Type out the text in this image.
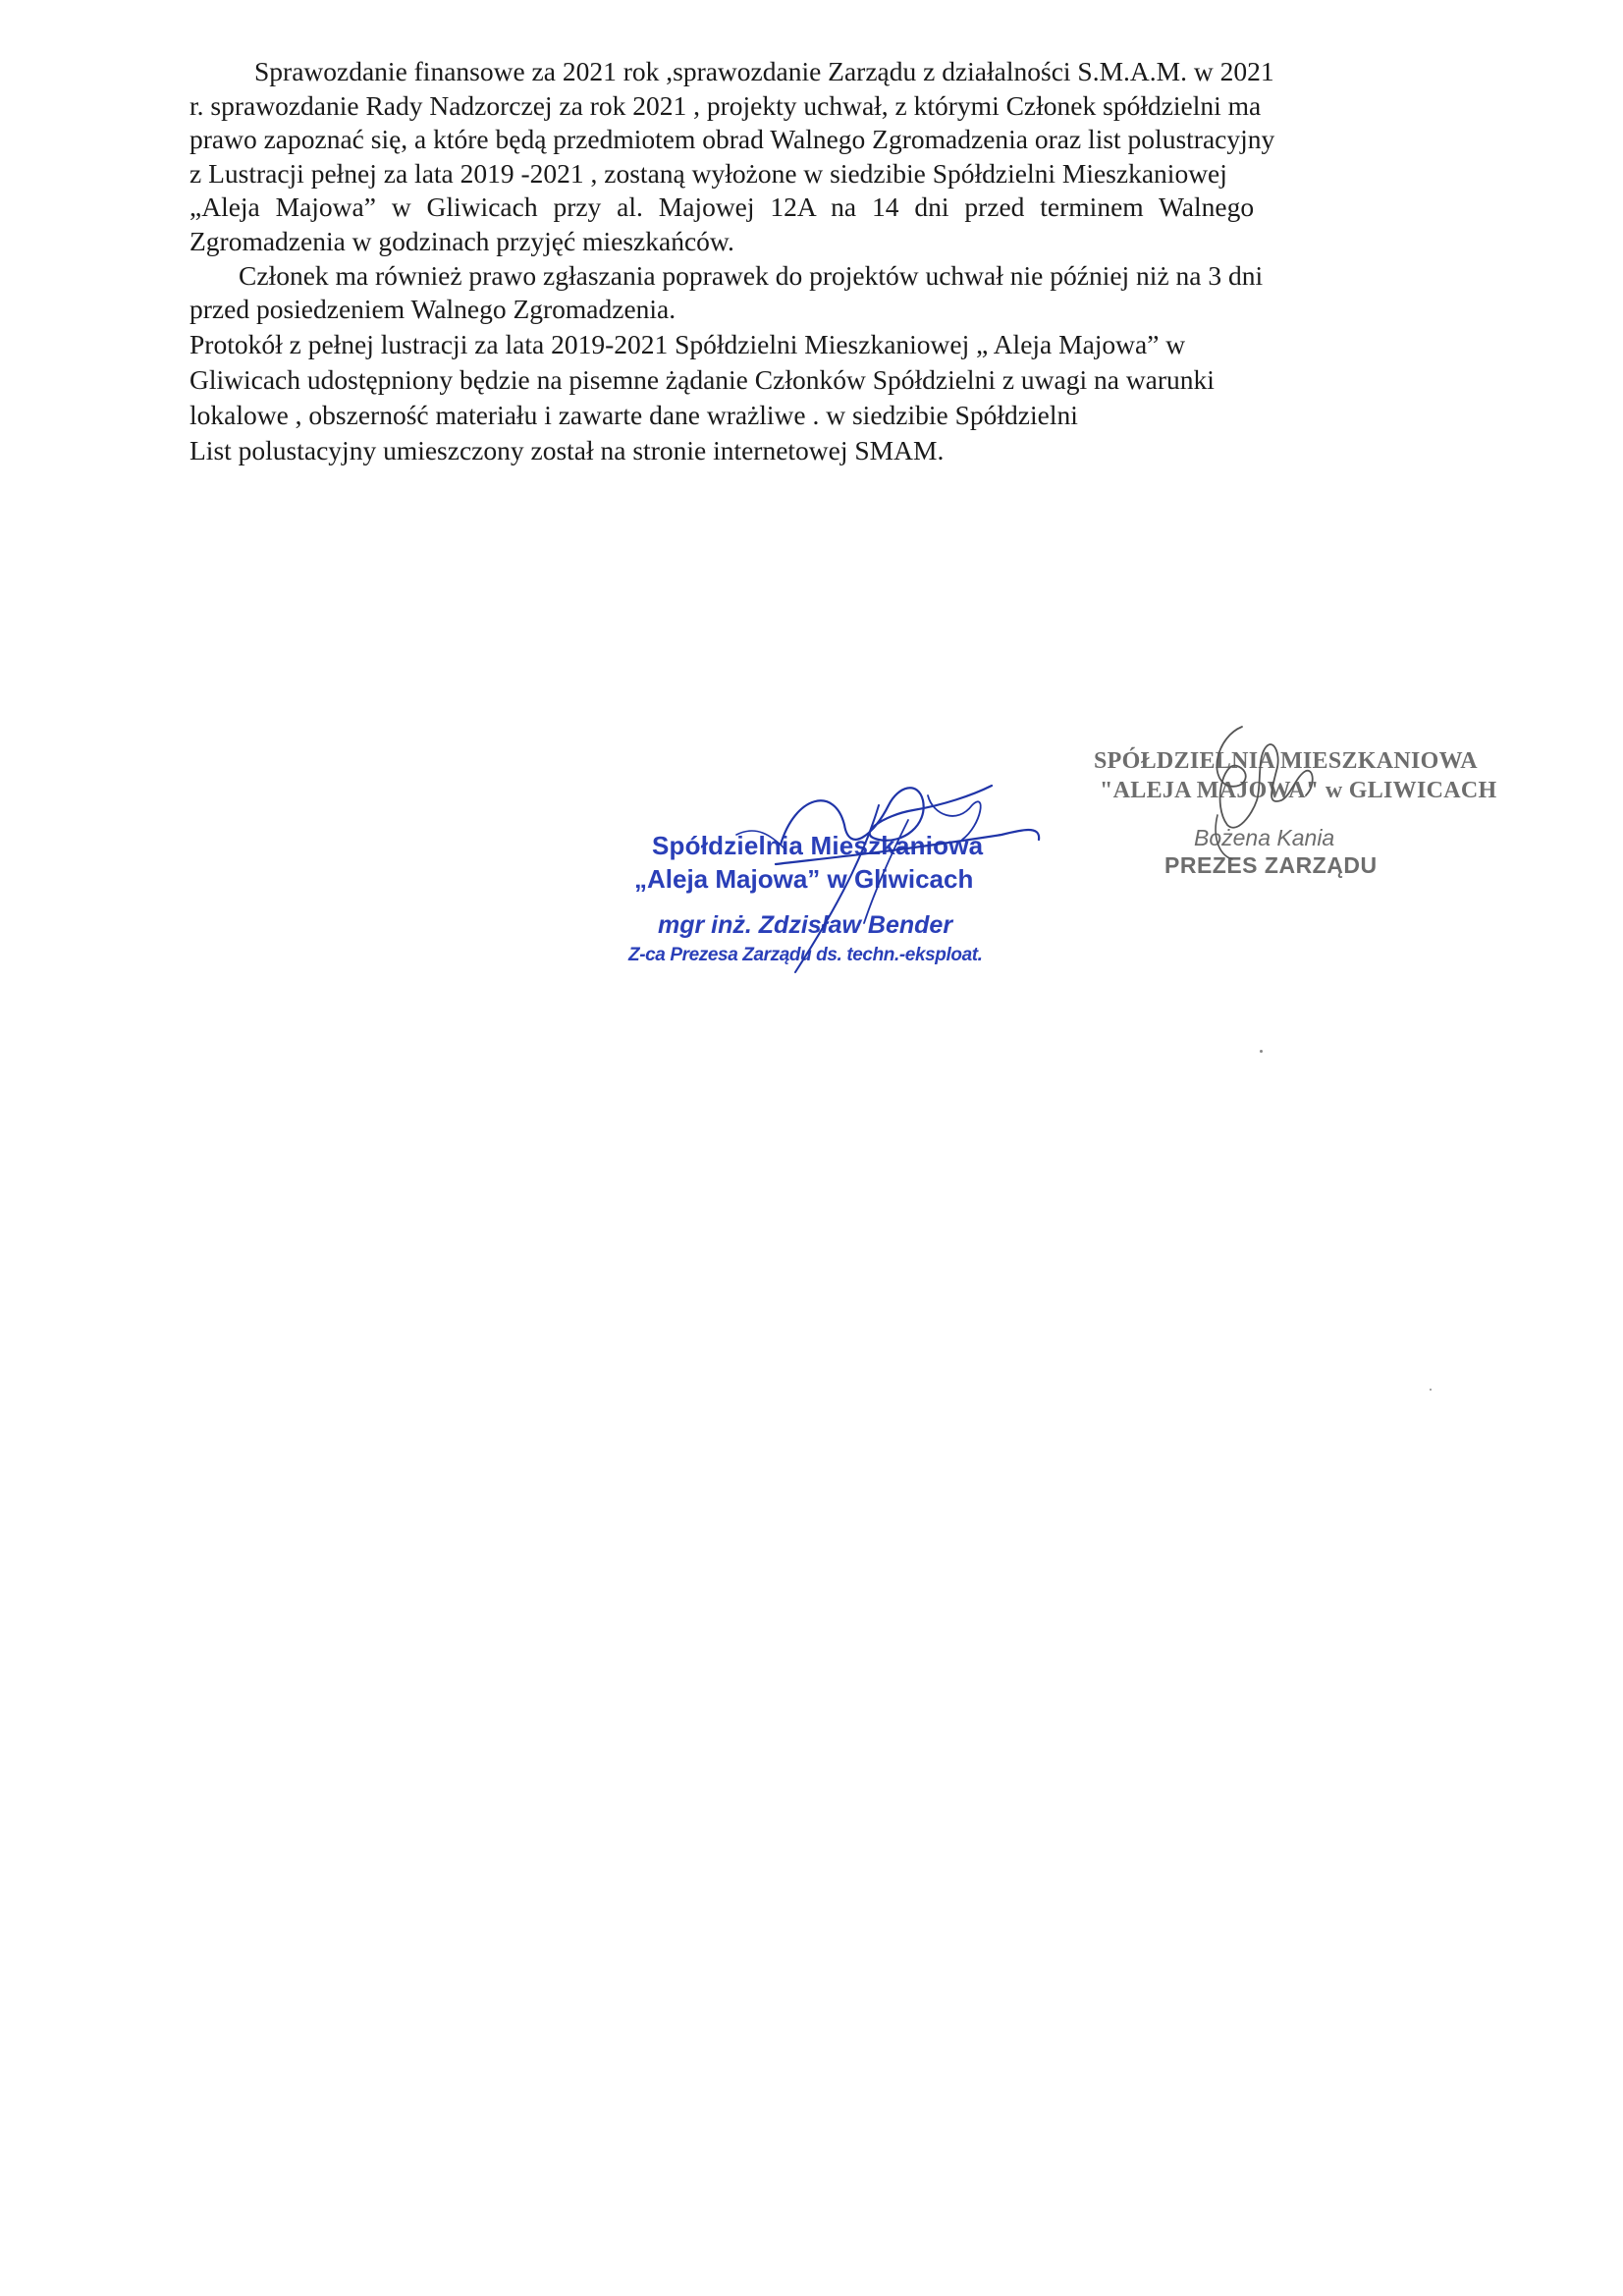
Sprawozdanie finansowe za 2021 rok ,sprawozdanie Zarządu z działalności S.M.A.M. w 2021
r. sprawozdanie Rady Nadzorczej za rok 2021 , projekty uchwał, z którymi Członek spółdzielni ma
prawo zapoznać się, a które będą przedmiotem obrad Walnego Zgromadzenia oraz list polustracyjny
z Lustracji pełnej za lata 2019 -2021 , zostaną wyłożone w siedzibie Spółdzielni Mieszkaniowej
„Aleja Majowa” w Gliwicach przy al. Majowej 12A na 14 dni przed terminem Walnego
Zgromadzenia w godzinach przyjęć mieszkańców.

Członek ma również prawo zgłaszania poprawek do projektów uchwał nie później niż na 3 dni
przed posiedzeniem Walnego Zgromadzenia.

Protokół z pełnej lustracji za lata 2019-2021 Spółdzielni Mieszkaniowej „ Aleja Majowa” w
Gliwicach udostępniony będzie na pisemne żądanie Członków Spółdzielni z uwagi na warunki
lokalowe , obszerność materiału i zawarte dane wrażliwe . w siedzibie Spółdzielni
List polustacyjny umieszczony został na stronie internetowej SMAM.

Spółdzielnia Mieszkaniowa
„Aleja Majowa” w Gliwicach
mgr inż. Zdzisław Bender
Z-ca Prezesa Zarządu ds. techn.-eksploat.
SPÓŁDZIELNIA MIESZKANIOWA
"ALEJA MAJOWA" w GLIWICACH
Bożena Kania
PREZES ZARZĄDU
